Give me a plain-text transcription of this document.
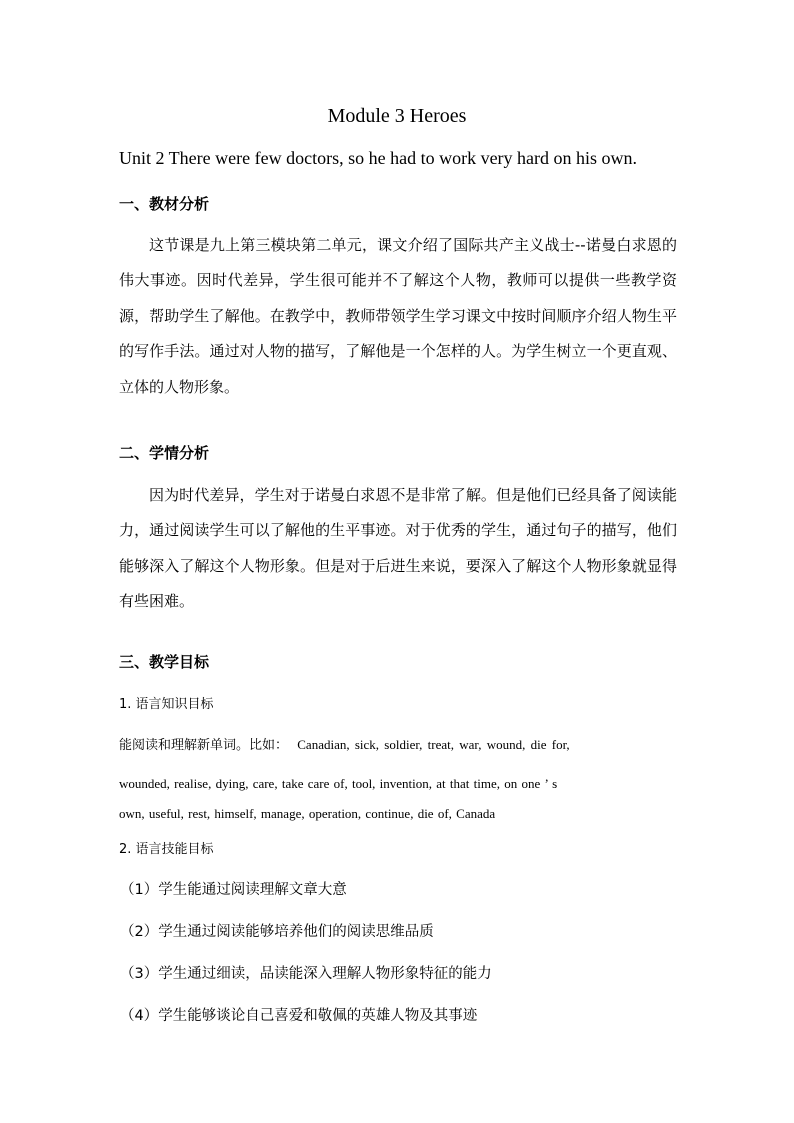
Module 3 Heroes
Unit 2 There were few doctors, so he had to work very hard on his own.
一、教材分析
这节课是九上第三模块第二单元，课文介绍了国际共产主义战士--诺曼白求恩的伟大事迹。因时代差异，学生很可能并不了解这个人物，教师可以提供一些教学资源，帮助学生了解他。在教学中，教师带领学生学习课文中按时间顺序介绍人物生平的写作手法。通过对人物的描写，了解他是一个怎样的人。为学生树立一个更直观、立体的人物形象。
二、学情分析
因为时代差异，学生对于诺曼白求恩不是非常了解。但是他们已经具备了阅读能力，通过阅读学生可以了解他的生平事迹。对于优秀的学生，通过句子的描写，他们能够深入了解这个人物形象。但是对于后进生来说，要深入了解这个人物形象就显得有些困难。
三、教学目标
1. 语言知识目标
能阅读和理解新单词。比如： Canadian, sick, soldier, treat, war, wound, die for,
wounded, realise, dying, care, take care of, tool, invention, at that time, on one ’ s
own, useful, rest, himself, manage, operation, continue, die of, Canada
2. 语言技能目标
（1）学生能通过阅读理解文章大意
（2）学生通过阅读能够培养他们的阅读思维品质
（3）学生通过细读，品读能深入理解人物形象特征的能力
（4）学生能够谈论自己喜爱和敬佩的英雄人物及其事迹
